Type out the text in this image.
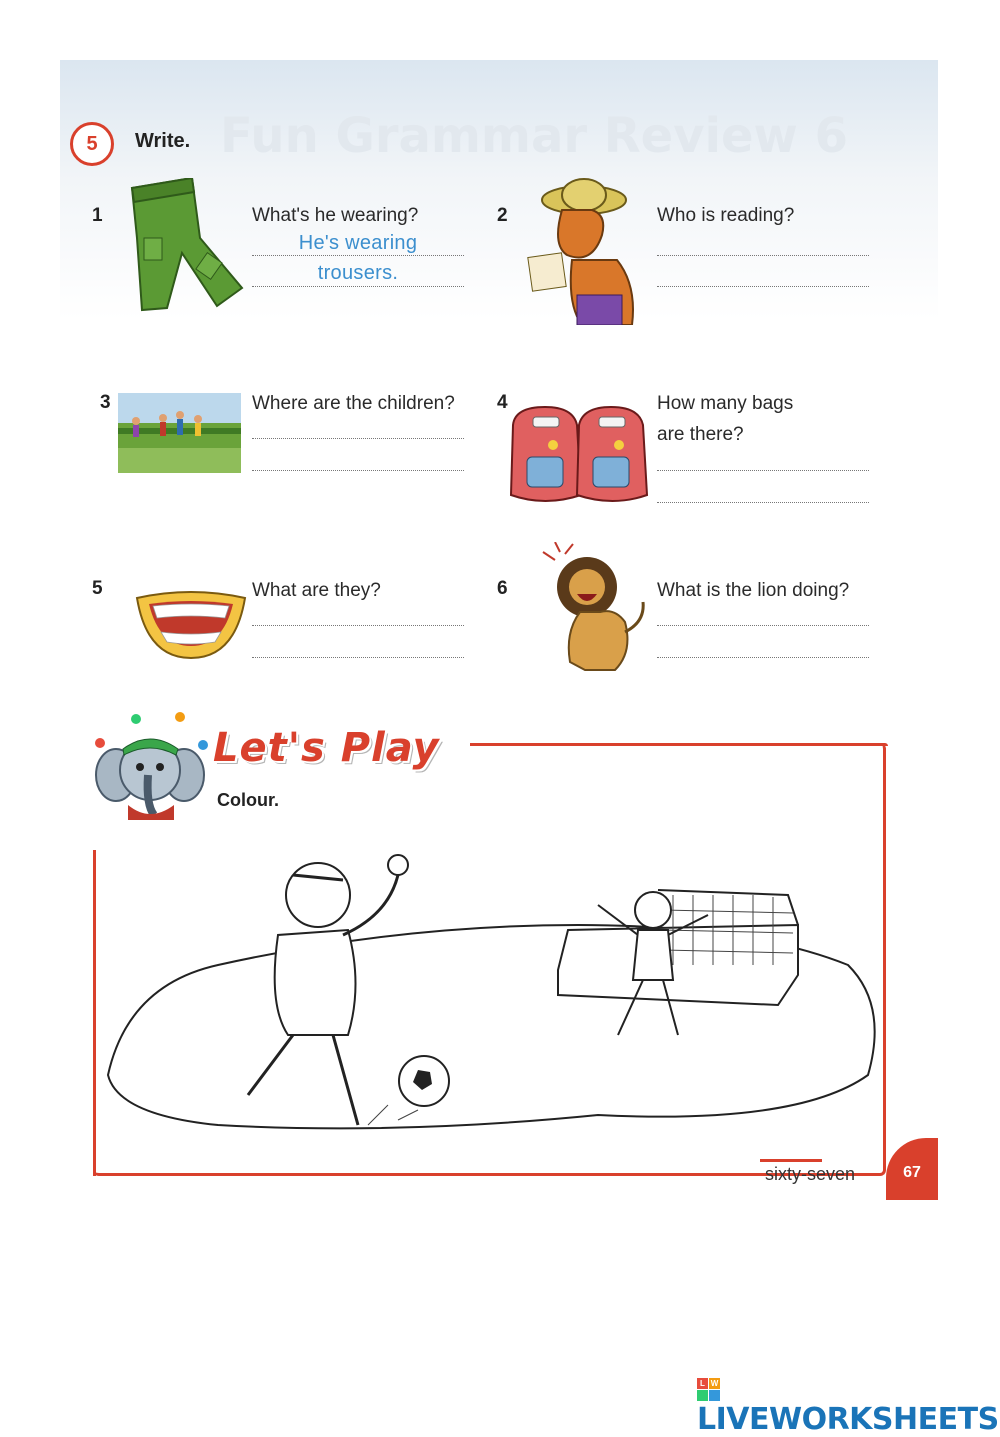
Fun Grammar Review 6
5	Write.
1	What's he wearing?
He's wearing
trousers.
2	Who is reading?
3	Where are the children? 4	How many bags
are there?
5	What are they?	6	What is the lion doing?
Let's Play
Colour.
sixty-seven	67
L W
LIVEWORKSHEETS
